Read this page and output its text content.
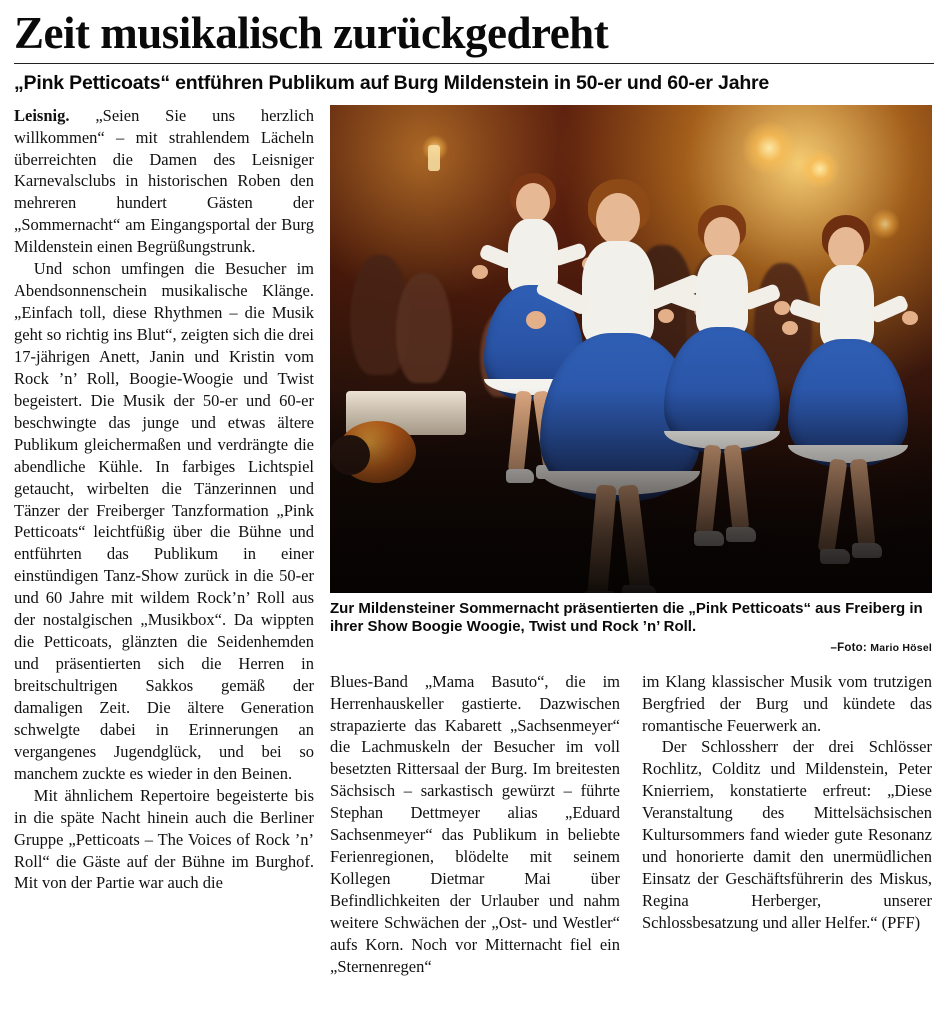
Zeit musikalisch zurückgedreht
„Pink Petticoats“ entführen Publikum auf Burg Mildenstein in 50-er und 60-er Jahre

Leisnig. „Seien Sie uns herzlich willkommen“ – mit strahlendem Lächeln überreichten die Damen des Leisniger Karnevalsclubs in historischen Roben den mehreren hundert Gästen der „Sommernacht“ am Eingangsportal der Burg Mildenstein einen Begrüßungstrunk.

Und schon umfingen die Besucher im Abendsonnenschein musikalische Klänge. „Einfach toll, diese Rhythmen – die Musik geht so richtig ins Blut“, zeigten sich die drei 17-jährigen Anett, Janin und Kristin vom Rock ’n’ Roll, Boogie-Woogie und Twist begeistert. Die Musik der 50-er und 60-er beschwingte das junge und etwas ältere Publikum gleichermaßen und verdrängte die abendliche Kühle. In farbiges Lichtspiel getaucht, wirbelten die Tänzerinnen und Tänzer der Freiberger Tanzformation „Pink Petticoats“ leichtfüßig über die Bühne und entführten das Publikum in einer einstündigen Tanz-Show zurück in die 50-er und 60 Jahre mit wildem Rock’n’ Roll aus der nostalgischen „Musikbox“. Da wippten die Petticoats, glänzten die Seidenhemden und präsentierten sich die Herren in breitschultrigen Sakkos gemäß der damaligen Zeit. Die ältere Generation schwelgte dabei in Erinnerungen an vergangenes Jugendglück, und bei so manchem zuckte es wieder in den Beinen.

Mit ähnlichem Repertoire begeisterte bis in die späte Nacht hinein auch die Berliner Gruppe „Petticoats – The Voices of Rock ’n’ Roll“ die Gäste auf der Bühne im Burghof. Mit von der Partie war auch die

Zur Mildensteiner Sommernacht präsentierten die „Pink Petticoats“ aus Freiberg in ihrer Show Boogie Woogie, Twist und Rock ’n’ Roll.
–Foto: Mario Hösel

Blues-Band „Mama Basuto“, die im Herrenhauskeller gastierte. Dazwischen strapazierte das Kabarett „Sachsenmeyer“ die Lachmuskeln der Besucher im voll besetzten Rittersaal der Burg. Im breitesten Sächsisch – sarkastisch gewürzt – führte Stephan Dettmeyer alias „Eduard Sachsenmeyer“ das Publikum in beliebte Ferienregionen, blödelte mit seinem Kollegen Dietmar Mai über Befindlichkeiten der Urlauber und nahm weitere Schwächen der „Ost- und Westler“ aufs Korn. Noch vor Mitternacht fiel ein „Sternenregen“

im Klang klassischer Musik vom trutzigen Bergfried der Burg und kündete das romantische Feuerwerk an.

Der Schlossherr der drei Schlösser Rochlitz, Colditz und Mildenstein, Peter Knierriem, konstatierte erfreut: „Diese Veranstaltung des Mittelsächsischen Kultursommers fand wieder gute Resonanz und honorierte damit den unermüdlichen Einsatz der Geschäftsführerin des Miskus, Regina Herberger, unserer Schlossbesatzung und aller Helfer.“ (PFF)
